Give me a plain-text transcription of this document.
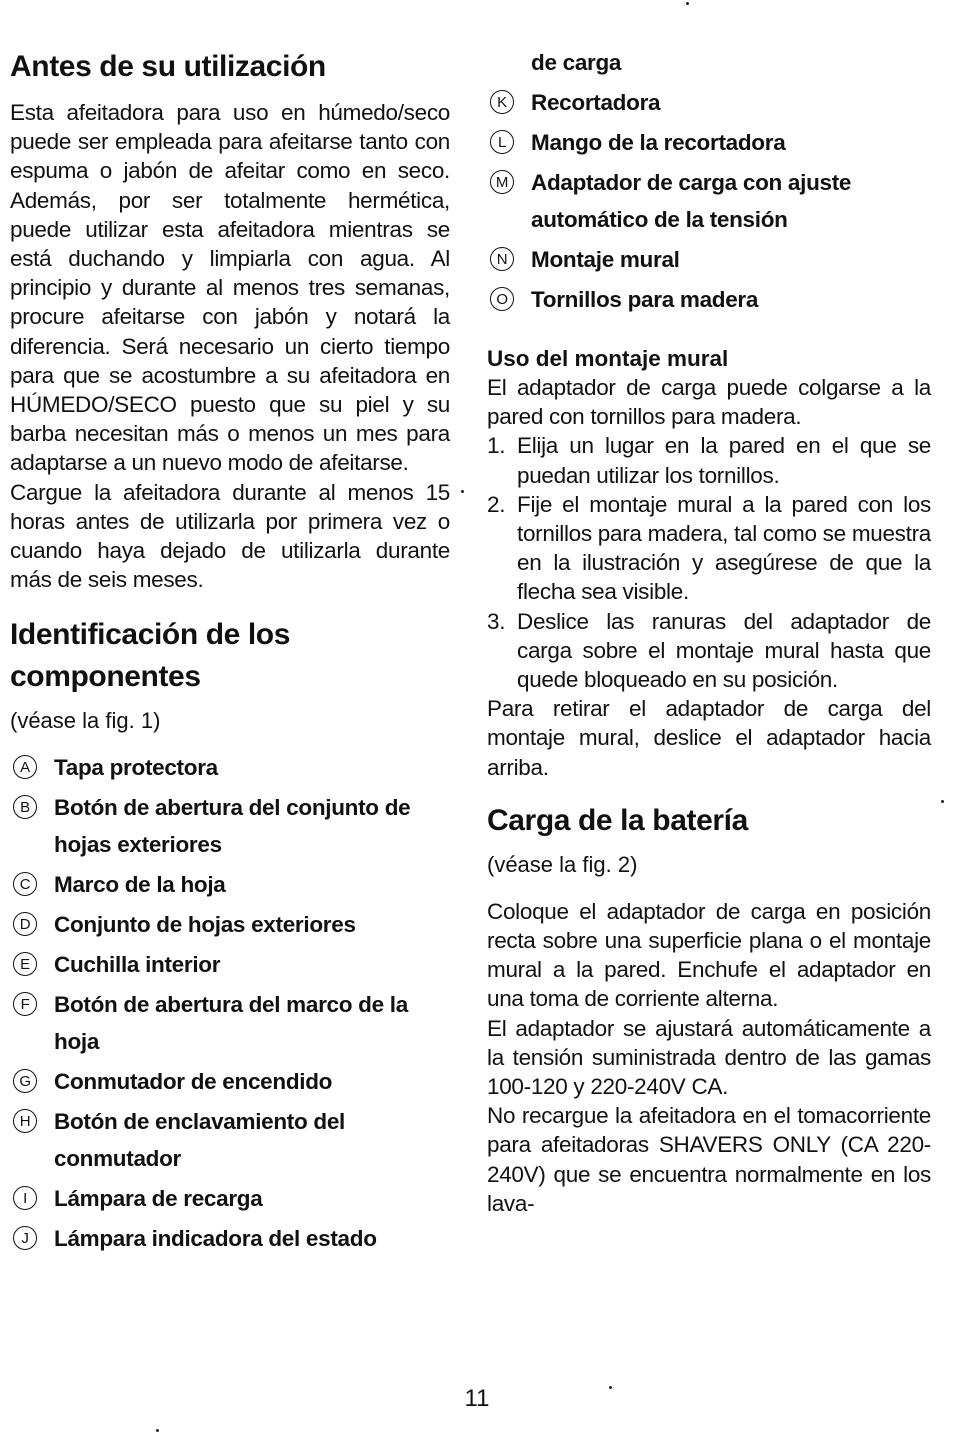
Antes de su utilización

Esta afeitadora para uso en húmedo/seco puede ser empleada para afeitarse tanto con espuma o jabón de afeitar como en seco. Además, por ser totalmente hermética, puede utilizar esta afeitadora mientras se está duchando y limpiarla con agua. Al principio y durante al menos tres semanas, procure afeitarse con jabón y notará la diferencia. Será necesario un cierto tiempo para que se acostumbre a su afeitadora en HÚMEDO/SECO puesto que su piel y su barba necesitan más o menos un mes para adaptarse a un nuevo modo de afeitarse.

Cargue la afeitadora durante al menos 15 horas antes de utilizarla por primera vez o cuando haya dejado de utilizarla durante más de seis meses.

Identificación de los componentes

(véase la fig. 1)

A	Tapa protectora
B	Botón de abertura del conjunto de hojas exteriores
C Marco de la hoja
D Conjunto de hojas exteriores
E	Cuchilla interior
F	Botón de abertura del marco de la hoja
G Conmutador de encendido
H Botón de enclavamiento del conmutador
I	Lámpara de recarga
J	Lámpara indicadora del estado
de carga
K	Recortadora
L	Mango de la recortadora
M Adaptador de carga con ajuste automático de la tensión
N Montaje mural
O Tornillos para madera

Uso del montaje mural

El adaptador de carga puede colgarse a la pared con tornillos para madera.

1. Elija un lugar en la pared en el que se puedan utilizar los tornillos.
2. Fije el montaje mural a la pared con los tornillos para madera, tal como se muestra en la ilustración y asegúrese de que la flecha sea visible.
3. Deslice las ranuras del adaptador de carga sobre el montaje mural hasta que quede bloqueado en su posición.

Para retirar el adaptador de carga del montaje mural, deslice el adaptador hacia arriba.

Carga de la batería

(véase la fig. 2)

Coloque el adaptador de carga en posición recta sobre una superficie plana o el montaje mural a la pared. Enchufe el adaptador en una toma de corriente alterna.

El adaptador se ajustará automáticamente a la tensión suministrada dentro de las gamas 100-120 y 220-240V CA.

No recargue la afeitadora en el tomacorriente para afeitadoras SHAVERS ONLY (CA 220-240V) que se encuentra normalmente en los lava-

11
